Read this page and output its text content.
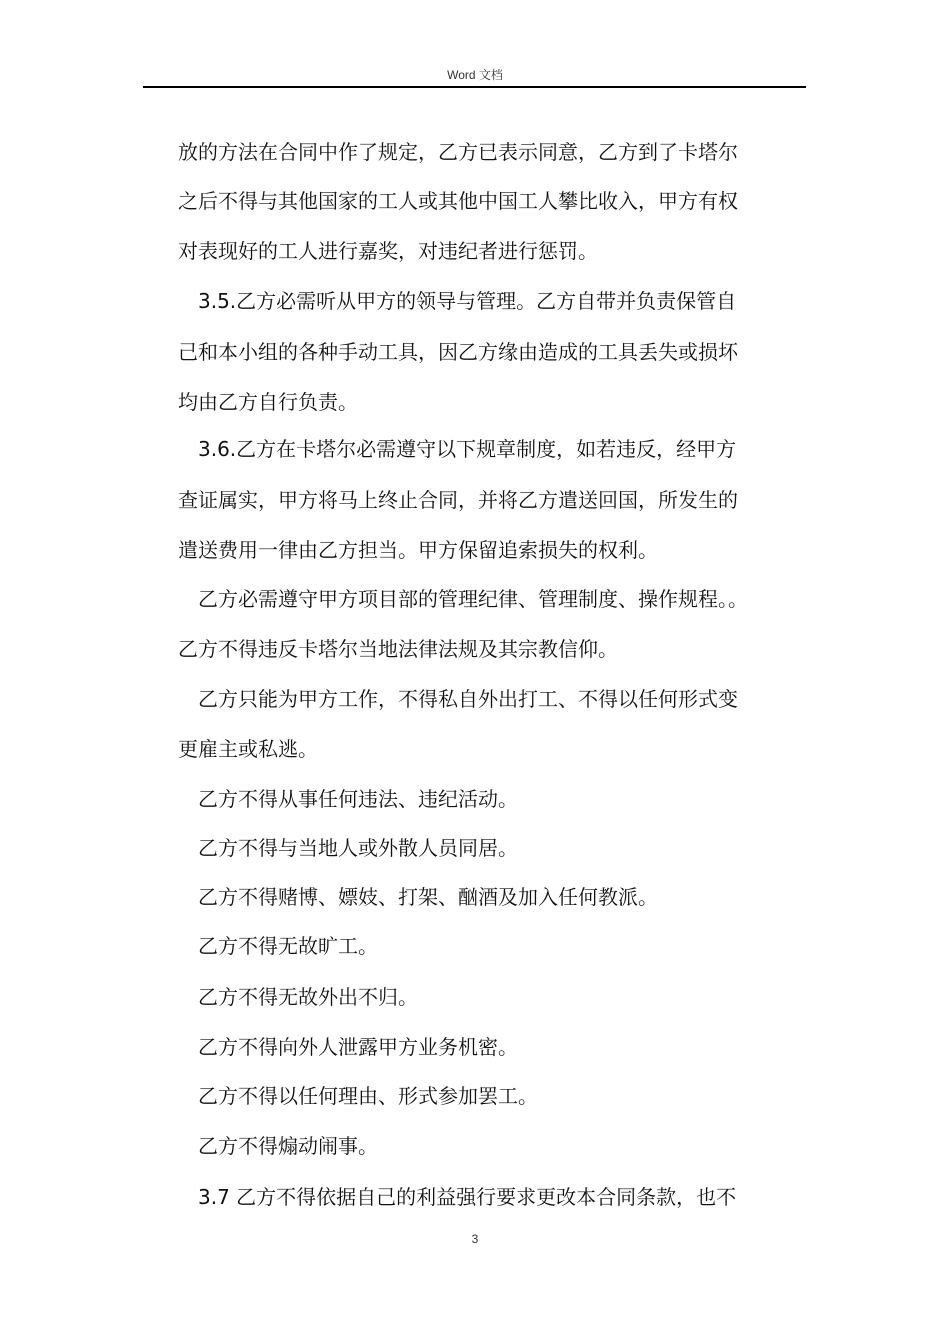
Word 文档
放的方法在合同中作了规定，乙方已表示同意，乙方到了卡塔尔
之后不得与其他国家的工人或其他中国工人攀比收入，甲方有权
对表现好的工人进行嘉奖，对违纪者进行惩罚。
3.5.乙方必需听从甲方的领导与管理。乙方自带并负责保管自
己和本小组的各种手动工具，因乙方缘由造成的工具丢失或损坏
均由乙方自行负责。
3.6.乙方在卡塔尔必需遵守以下规章制度，如若违反，经甲方
查证属实，甲方将马上终止合同，并将乙方遣送回国，所发生的
遣送费用一律由乙方担当。甲方保留追索损失的权利。
乙方必需遵守甲方项目部的管理纪律、管理制度、操作规程。。
乙方不得违反卡塔尔当地法律法规及其宗教信仰。
乙方只能为甲方工作，不得私自外出打工、不得以任何形式变
更雇主或私逃。
乙方不得从事任何违法、违纪活动。
乙方不得与当地人或外散人员同居。
乙方不得赌博、嫖妓、打架、酗酒及加入任何教派。
乙方不得无故旷工。
乙方不得无故外出不归。
乙方不得向外人泄露甲方业务机密。
乙方不得以任何理由、形式参加罢工。
乙方不得煽动闹事。
3.7 乙方不得依据自己的利益强行要求更改本合同条款，也不
3
